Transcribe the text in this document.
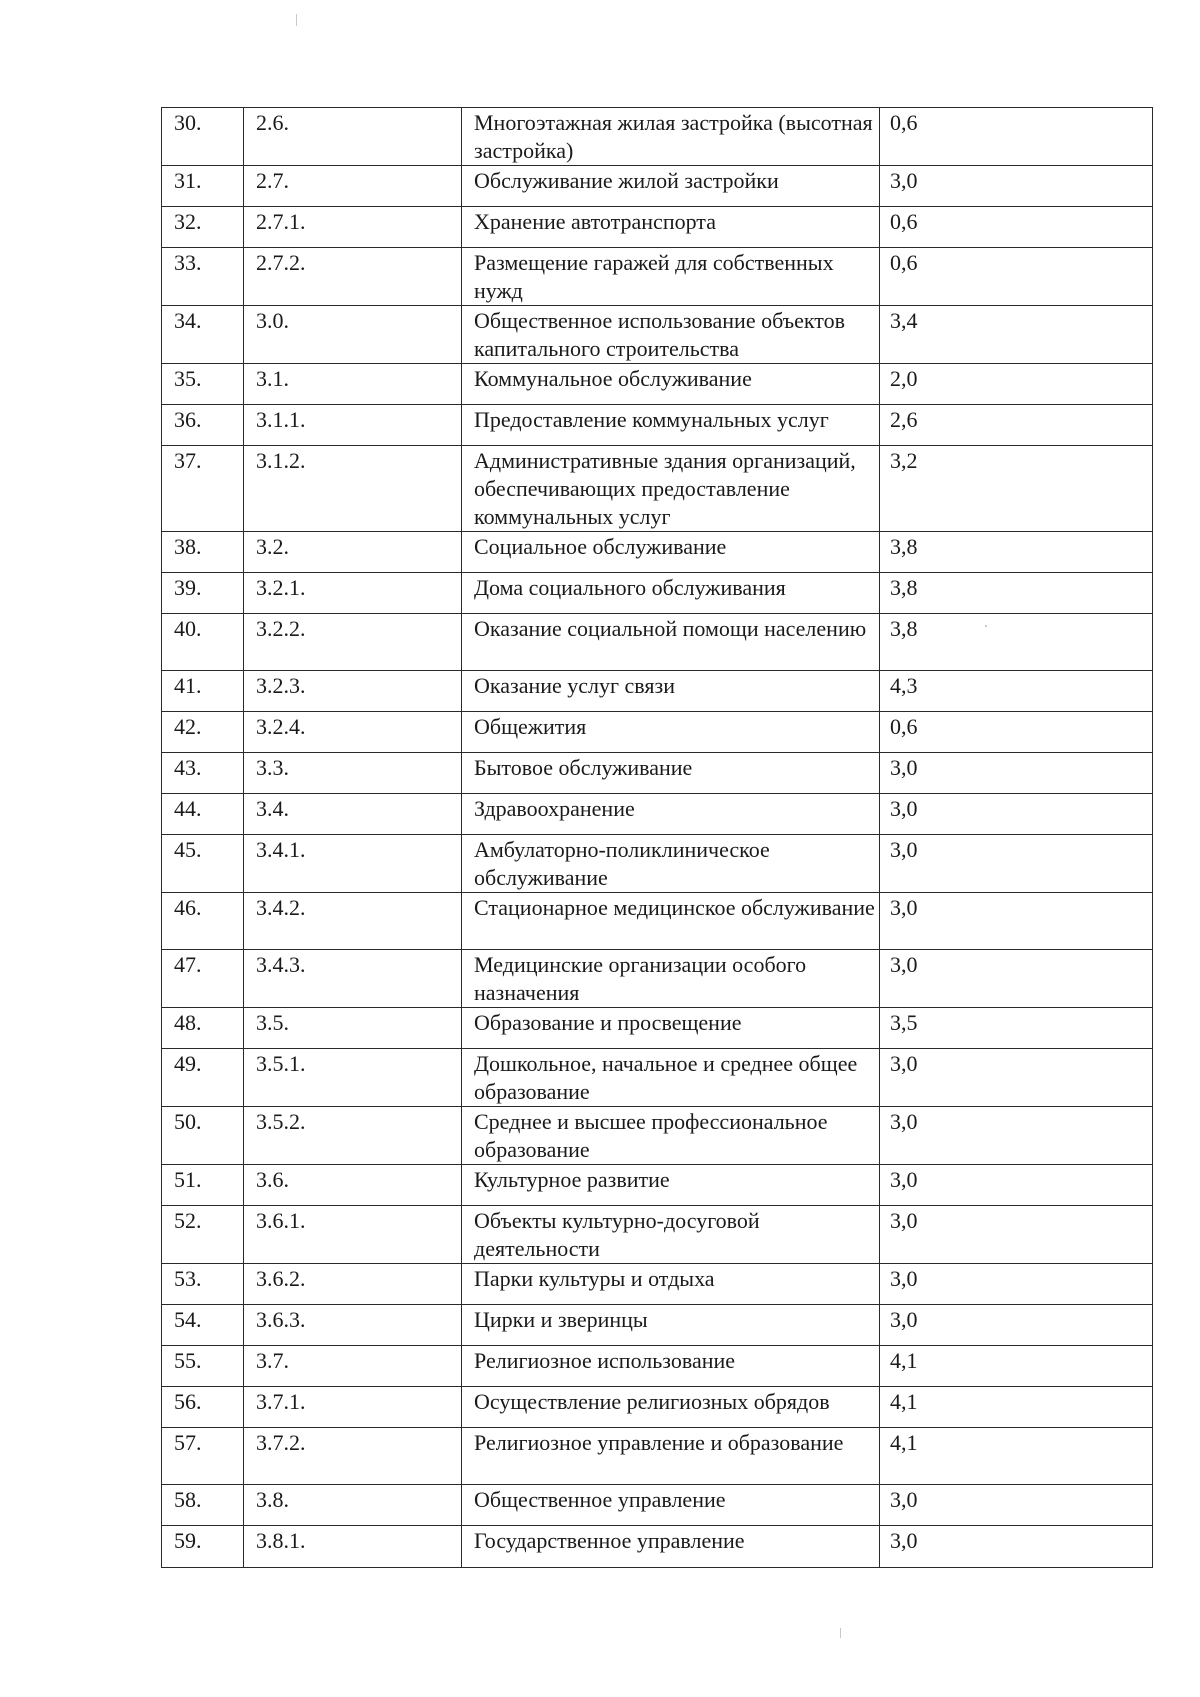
30.	2.6.	Многоэтажная жилая застройка (высотная застройка)	0,6
31.	2.7.	Обслуживание жилой застройки	3,0
32.	2.7.1.	Хранение автотранспорта	0,6
33.	2.7.2.	Размещение гаражей для собственных нужд	0,6
34.	3.0.	Общественное использование объектов капитального строительства	3,4
35.	3.1.	Коммунальное обслуживание	2,0
36.	3.1.1.	Предоставление коммунальных услуг	2,6
37.	3.1.2.	Административные здания организаций, обеспечивающих предоставление коммунальных услуг	3,2
38.	3.2.	Социальное обслуживание	3,8
39.	3.2.1.	Дома социального обслуживания	3,8
40.	3.2.2.	Оказание социальной помощи населению	3,8
41.	3.2.3.	Оказание услуг связи	4,3
42.	3.2.4.	Общежития	0,6
43.	3.3.	Бытовое обслуживание	3,0
44.	3.4.	Здравоохранение	3,0
45.	3.4.1.	Амбулаторно-поликлиническое обслуживание	3,0
46.	3.4.2.	Стационарное медицинское обслуживание	3,0
47.	3.4.3.	Медицинские организации особого назначения	3,0
48.	3.5.	Образование и просвещение	3,5
49.	3.5.1.	Дошкольное, начальное и среднее общее образование	3,0
50.	3.5.2.	Среднее и высшее профессиональное образование	3,0
51.	3.6.	Культурное развитие	3,0
52.	3.6.1.	Объекты культурно-досуговой деятельности	3,0
53.	3.6.2.	Парки культуры и отдыха	3,0
54.	3.6.3.	Цирки и зверинцы	3,0
55.	3.7.	Религиозное использование	4,1
56.	3.7.1.	Осуществление религиозных обрядов	4,1
57.	3.7.2.	Религиозное управление и образование	4,1
58.	3.8.	Общественное управление	3,0
59.	3.8.1.	Государственное управление	3,0
